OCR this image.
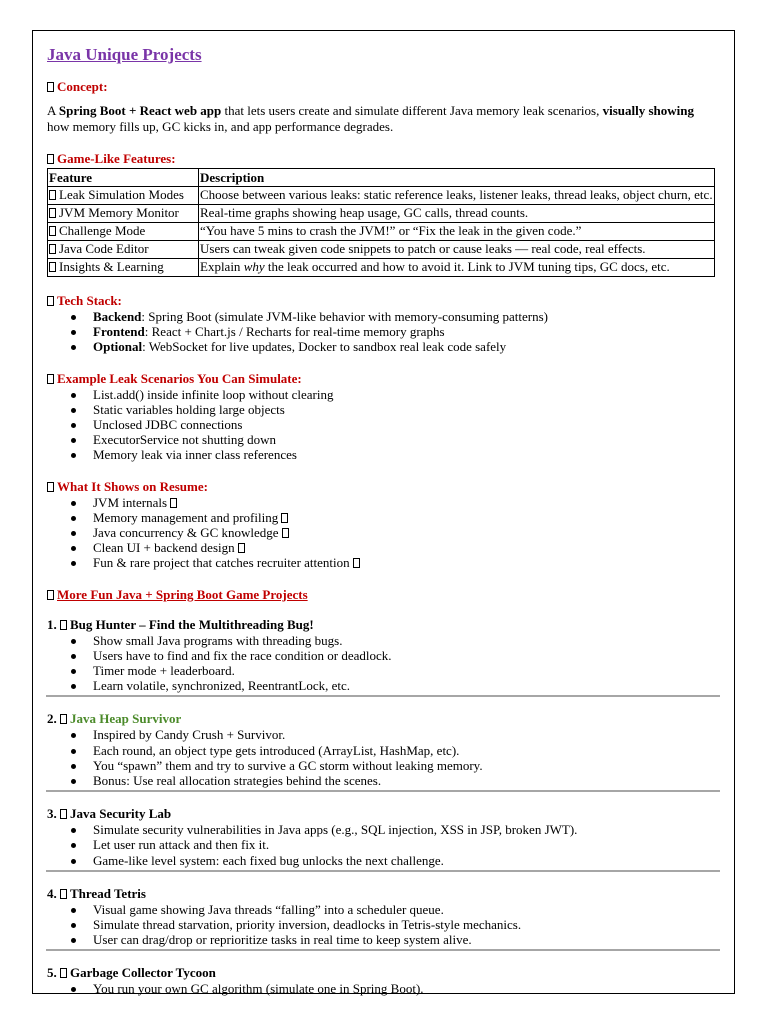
Java Unique Projects
Concept:

A Spring Boot + React web app that lets users create and simulate different Java memory leak scenarios, visually showing how memory fills up, GC kicks in, and app performance degrades.

Game-Like Features:
Feature	Description
Leak Simulation Modes	Choose between various leaks: static reference leaks, listener leaks, thread leaks, object churn, etc.
JVM Memory Monitor	Real-time graphs showing heap usage, GC calls, thread counts.
Challenge Mode	“You have 5 mins to crash the JVM!” or “Fix the leak in the given code.”
Java Code Editor	Users can tweak given code snippets to patch or cause leaks — real code, real effects.
Insights & Learning	Explain why the leak occurred and how to avoid it. Link to JVM tuning tips, GC docs, etc.
Tech Stack:
Backend: Spring Boot (simulate JVM-like behavior with memory-consuming patterns)
Frontend: React + Chart.js / Recharts for real-time memory graphs
Optional: WebSocket for live updates, Docker to sandbox real leak code safely
Example Leak Scenarios You Can Simulate:
List.add() inside infinite loop without clearing
Static variables holding large objects
Unclosed JDBC connections
ExecutorService not shutting down
Memory leak via inner class references
What It Shows on Resume:
JVM internals
Memory management and profiling
Java concurrency & GC knowledge
Clean UI + backend design
Fun & rare project that catches recruiter attention
More Fun Java + Spring Boot Game Projects
1. Bug Hunter – Find the Multithreading Bug!
Show small Java programs with threading bugs.
Users have to find and fix the race condition or deadlock.
Timer mode + leaderboard.
Learn volatile, synchronized, ReentrantLock, etc.
2. Java Heap Survivor
Inspired by Candy Crush + Survivor.
Each round, an object type gets introduced (ArrayList, HashMap, etc).
You “spawn” them and try to survive a GC storm without leaking memory.
Bonus: Use real allocation strategies behind the scenes.
3. Java Security Lab
Simulate security vulnerabilities in Java apps (e.g., SQL injection, XSS in JSP, broken JWT).
Let user run attack and then fix it.
Game-like level system: each fixed bug unlocks the next challenge.
4. Thread Tetris
Visual game showing Java threads “falling” into a scheduler queue.
Simulate thread starvation, priority inversion, deadlocks in Tetris-style mechanics.
User can drag/drop or reprioritize tasks in real time to keep system alive.
5. Garbage Collector Tycoon
You run your own GC algorithm (simulate one in Spring Boot).
